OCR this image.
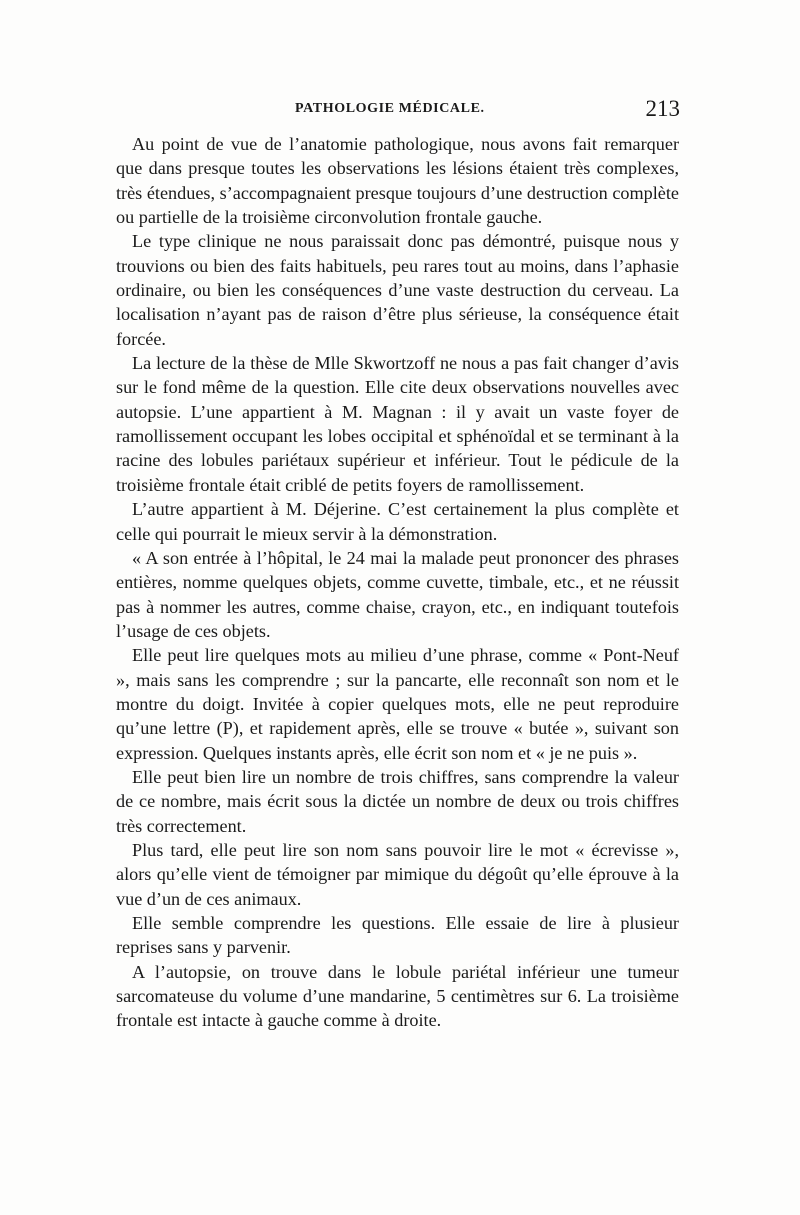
PATHOLOGIE MÉDICALE.	213

Au point de vue de l’anatomie pathologique, nous avons fait remarquer que dans presque toutes les observations les lésions étaient très complexes, très étendues, s’accompagnaient presque toujours d’une destruction complète ou partielle de la troisième circonvolution frontale gauche.

Le type clinique ne nous paraissait donc pas démontré, puisque nous y trouvions ou bien des faits habituels, peu rares tout au moins, dans l’aphasie ordinaire, ou bien les conséquences d’une vaste destruction du cerveau. La localisation n’ayant pas de raison d’être plus sérieuse, la conséquence était forcée.

La lecture de la thèse de Mlle Skwortzoff ne nous a pas fait changer d’avis sur le fond même de la question. Elle cite deux observations nouvelles avec autopsie. L’une appartient à M. Magnan : il y avait un vaste foyer de ramollissement occupant les lobes occipital et sphénoïdal et se terminant à la racine des lobules pariétaux supérieur et inférieur. Tout le pédicule de la troisième frontale était criblé de petits foyers de ramollissement.

L’autre appartient à M. Déjerine. C’est certainement la plus complète et celle qui pourrait le mieux servir à la démonstration.

« A son entrée à l’hôpital, le 24 mai la malade peut prononcer des phrases entières, nomme quelques objets, comme cuvette, timbale, etc., et ne réussit pas à nommer les autres, comme chaise, crayon, etc., en indiquant toutefois l’usage de ces objets.

Elle peut lire quelques mots au milieu d’une phrase, comme « Pont-Neuf », mais sans les comprendre ; sur la pancarte, elle reconnaît son nom et le montre du doigt. Invitée à copier quelques mots, elle ne peut reproduire qu’une lettre (P), et rapidement après, elle se trouve « butée », suivant son expression. Quelques instants après, elle écrit son nom et « je ne puis ».

Elle peut bien lire un nombre de trois chiffres, sans comprendre la valeur de ce nombre, mais écrit sous la dictée un nombre de deux ou trois chiffres très correctement.

Plus tard, elle peut lire son nom sans pouvoir lire le mot « écrevisse », alors qu’elle vient de témoigner par mimique du dégoût qu’elle éprouve à la vue d’un de ces animaux.

Elle semble comprendre les questions. Elle essaie de lire à plusieur reprises sans y parvenir.

A l’autopsie, on trouve dans le lobule pariétal inférieur une tumeur sarcomateuse du volume d’une mandarine, 5 centimètres sur 6. La troisième frontale est intacte à gauche comme à droite.
